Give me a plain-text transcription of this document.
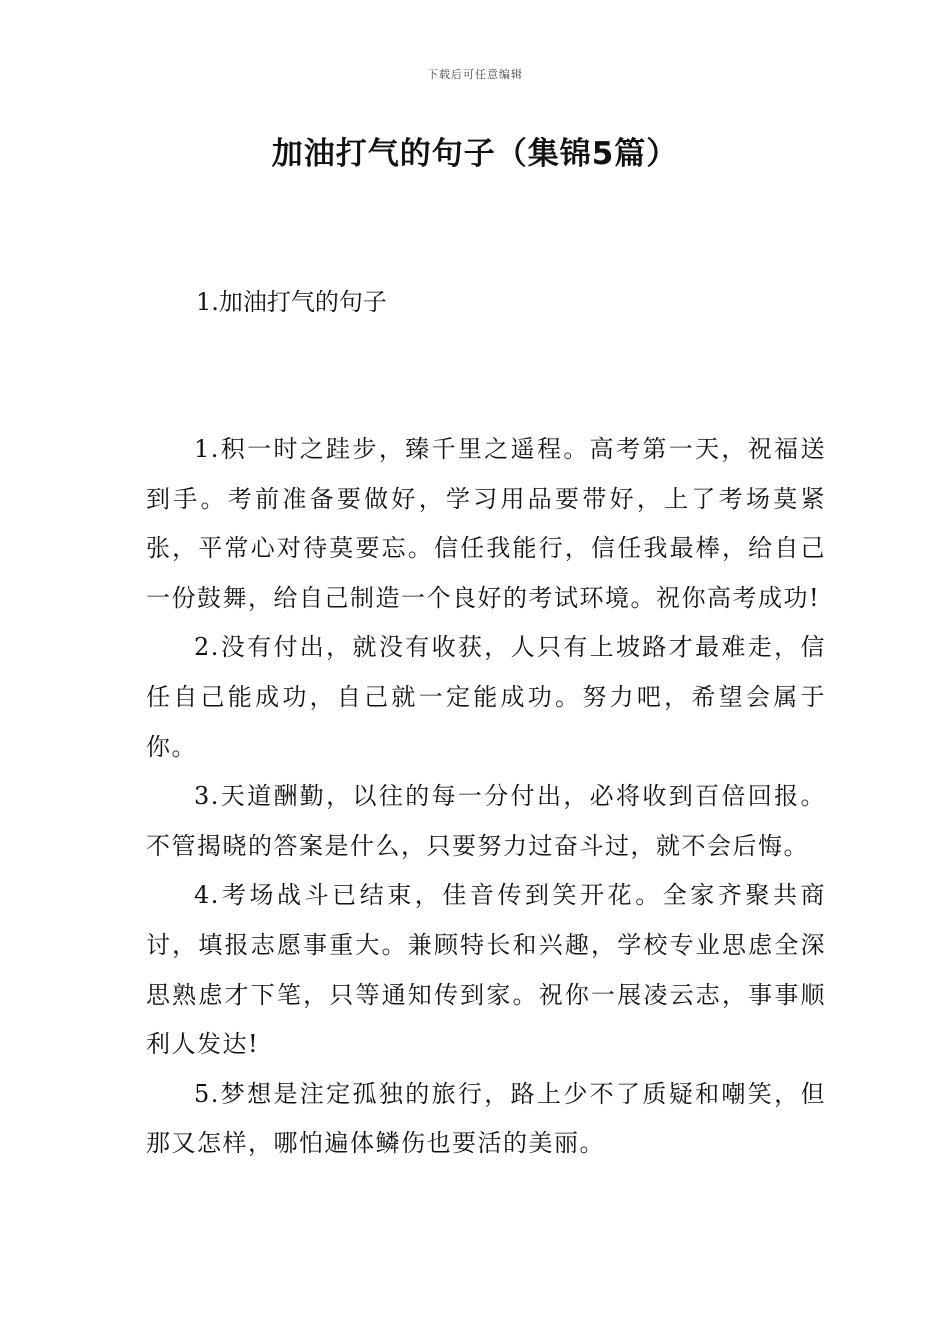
下载后可任意编辑
加油打气的句子（集锦5篇）
1.加油打气的句子

1.积一时之跬步，臻千里之遥程。高考第一天，祝福送到手。考前准备要做好，学习用品要带好，上了考场莫紧张，平常心对待莫要忘。信任我能行，信任我最棒，给自己一份鼓舞，给自己制造一个良好的考试环境。祝你高考成功!

2.没有付出，就没有收获，人只有上坡路才最难走，信任自己能成功，自己就一定能成功。努力吧，希望会属于你。

3.天道酬勤，以往的每一分付出，必将收到百倍回报。不管揭晓的答案是什么，只要努力过奋斗过，就不会后悔。

4.考场战斗已结束，佳音传到笑开花。全家齐聚共商讨，填报志愿事重大。兼顾特长和兴趣，学校专业思虑全深思熟虑才下笔，只等通知传到家。祝你一展凌云志，事事顺利人发达!

5.梦想是注定孤独的旅行，路上少不了质疑和嘲笑，但那又怎样，哪怕遍体鳞伤也要活的美丽。
